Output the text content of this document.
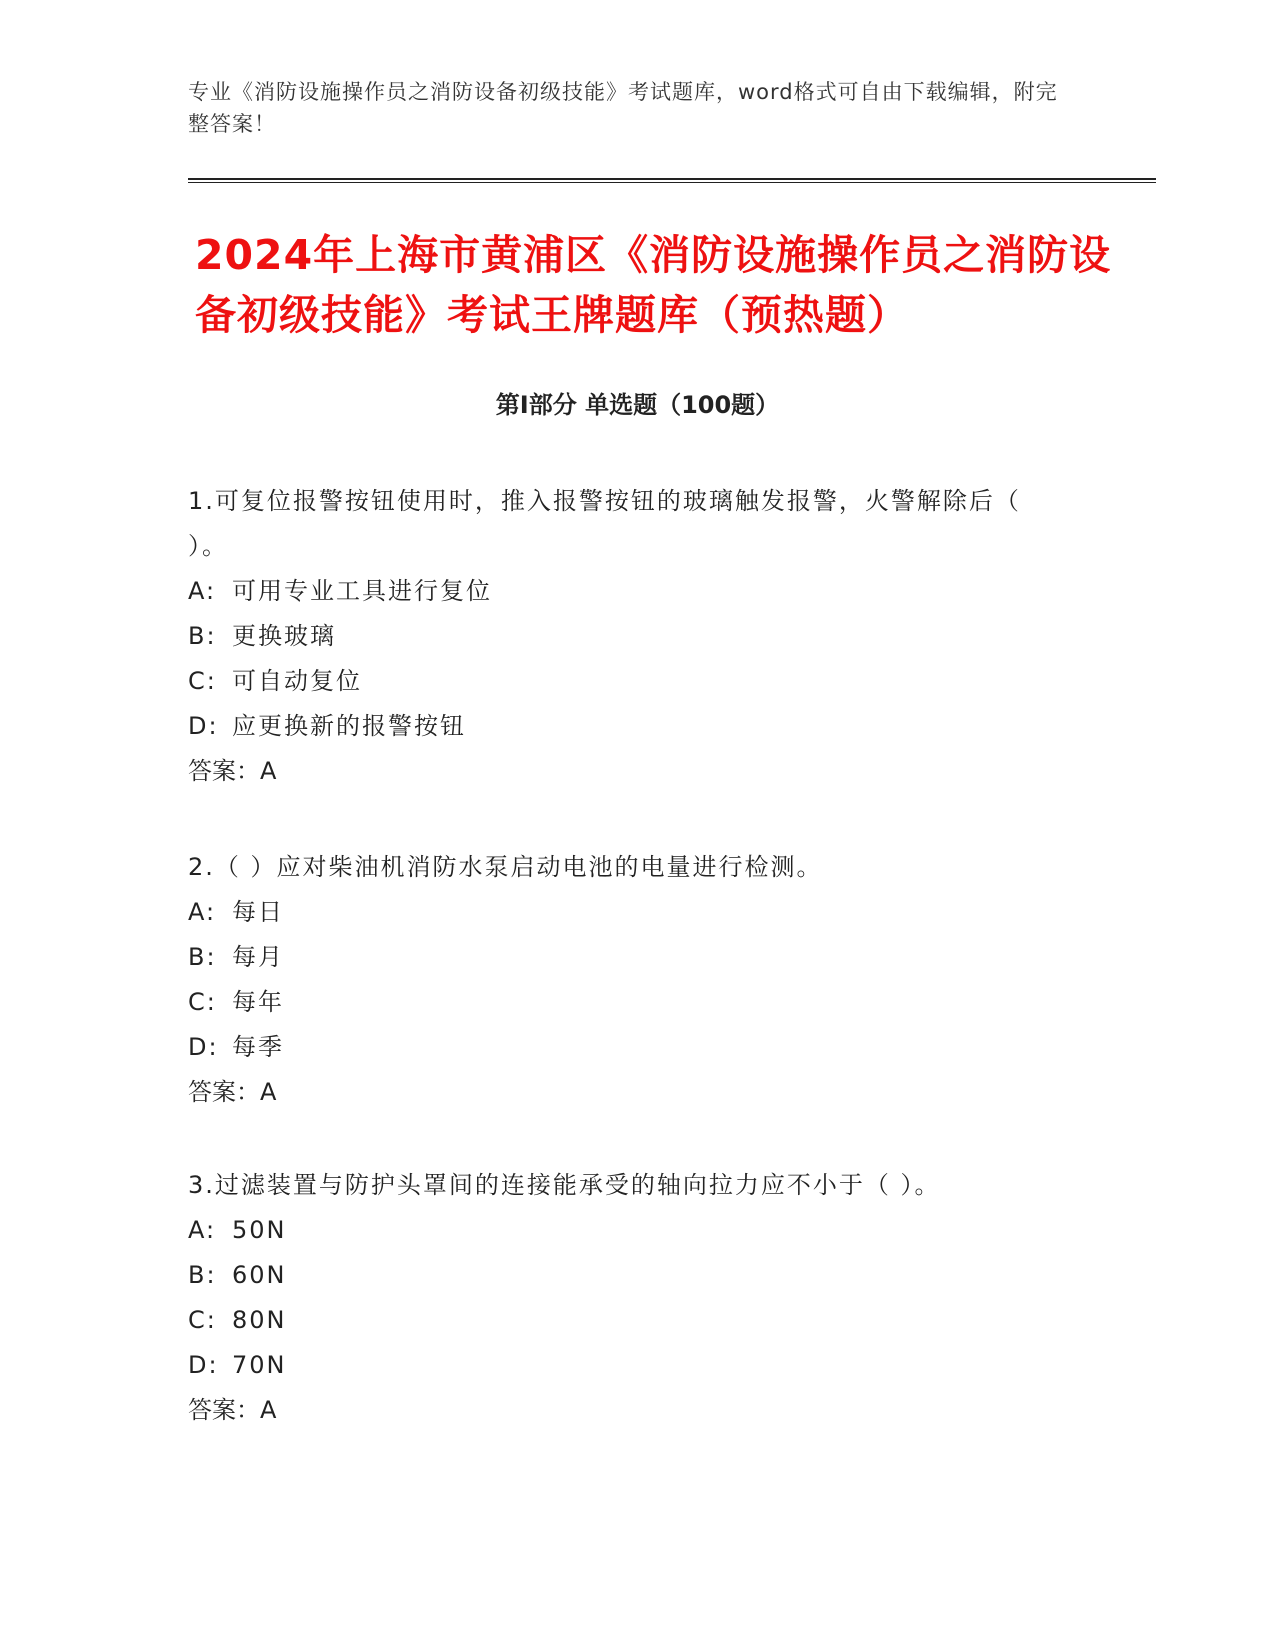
专业《消防设施操作员之消防设备初级技能》考试题库，word格式可自由下载编辑，附完整答案！
2024年上海市黄浦区《消防设施操作员之消防设备初级技能》考试王牌题库（预热题）
第I部分 单选题（100题）

1.可复位报警按钮使用时，推入报警按钮的玻璃触发报警，火警解除后（ ）。

A: 可用专业工具进行复位

B: 更换玻璃

C: 可自动复位

D: 应更换新的报警按钮

答案：A

2.（ ）应对柴油机消防水泵启动电池的电量进行检测。

A: 每日

B: 每月

C: 每年

D: 每季

答案：A

3.过滤装置与防护头罩间的连接能承受的轴向拉力应不小于（ ）。

A: 50N

B: 60N

C: 80N

D: 70N

答案：A
